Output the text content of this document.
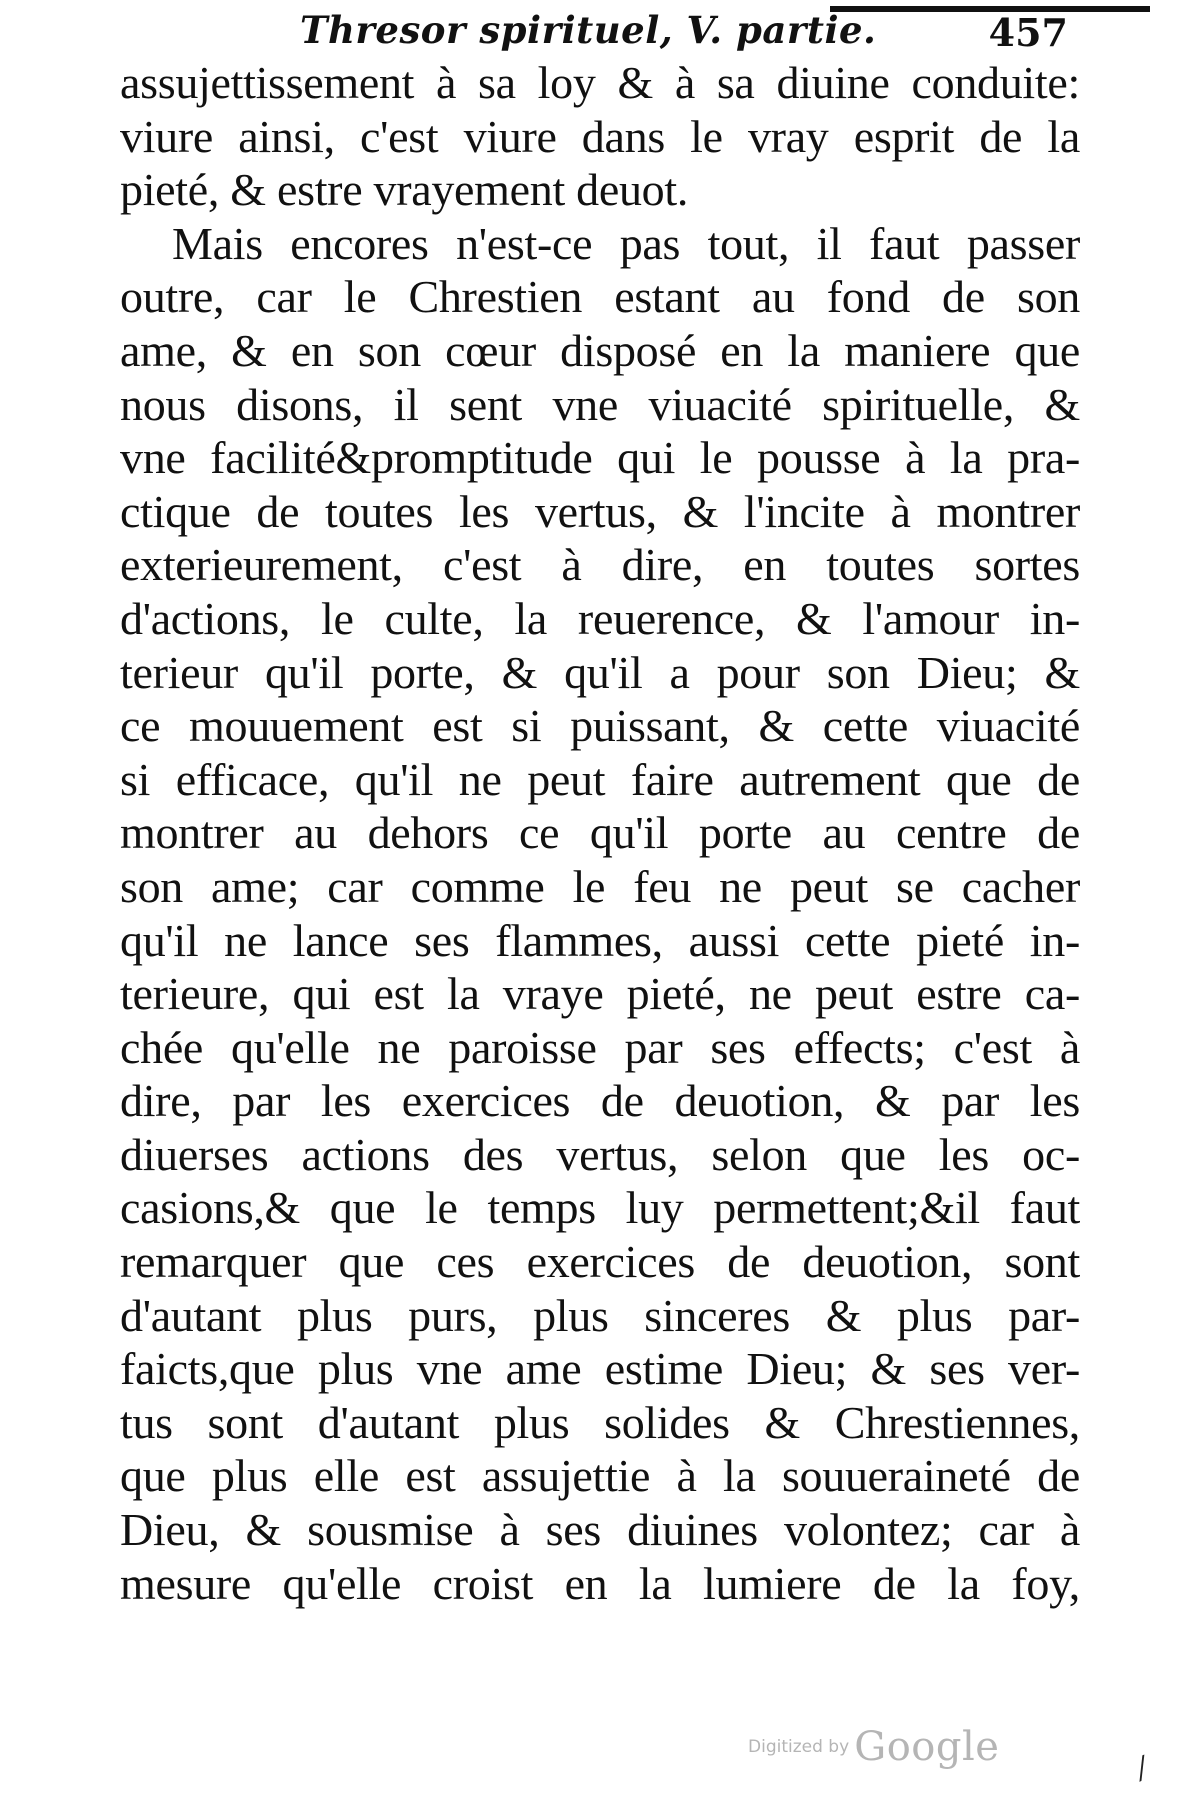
Thresor spirituel, V. partie.	457
assujettissement à sa loy & à sa diuine conduite:
viure ainsi, c'est viure dans le vray esprit de la
pieté, & estre vrayement deuot.
Mais encores n'est-ce pas tout, il faut passer
outre, car le Chrestien estant au fond de son
ame, & en son cœur disposé en la maniere que
nous disons, il sent vne viuacité spirituelle, &
vne facilité&promptitude qui le pousse à la pra-
ctique de toutes les vertus, & l'incite à montrer
exterieurement, c'est à dire, en toutes sortes
d'actions, le culte, la reuerence, & l'amour in-
terieur qu'il porte, & qu'il a pour son Dieu; &
ce mouuement est si puissant, & cette viuacité
si efficace, qu'il ne peut faire autrement que de
montrer au dehors ce qu'il porte au centre de
son ame; car comme le feu ne peut se cacher
qu'il ne lance ses flammes, aussi cette pieté in-
terieure, qui est la vraye pieté, ne peut estre ca-
chée qu'elle ne paroisse par ses effects; c'est à
dire, par les exercices de deuotion, & par les
diuerses actions des vertus, selon que les oc-
casions,& que le temps luy permettent;&il faut
remarquer que ces exercices de deuotion, sont
d'autant plus purs, plus sinceres & plus par-
faicts,que plus vne ame estime Dieu; & ses ver-
tus sont d'autant plus solides & Chrestiennes,
que plus elle est assujettie à la souueraineté de
Dieu, & sousmise à ses diuines volontez; car à
mesure qu'elle croist en la lumiere de la foy,
Digitized by Google	⁄
